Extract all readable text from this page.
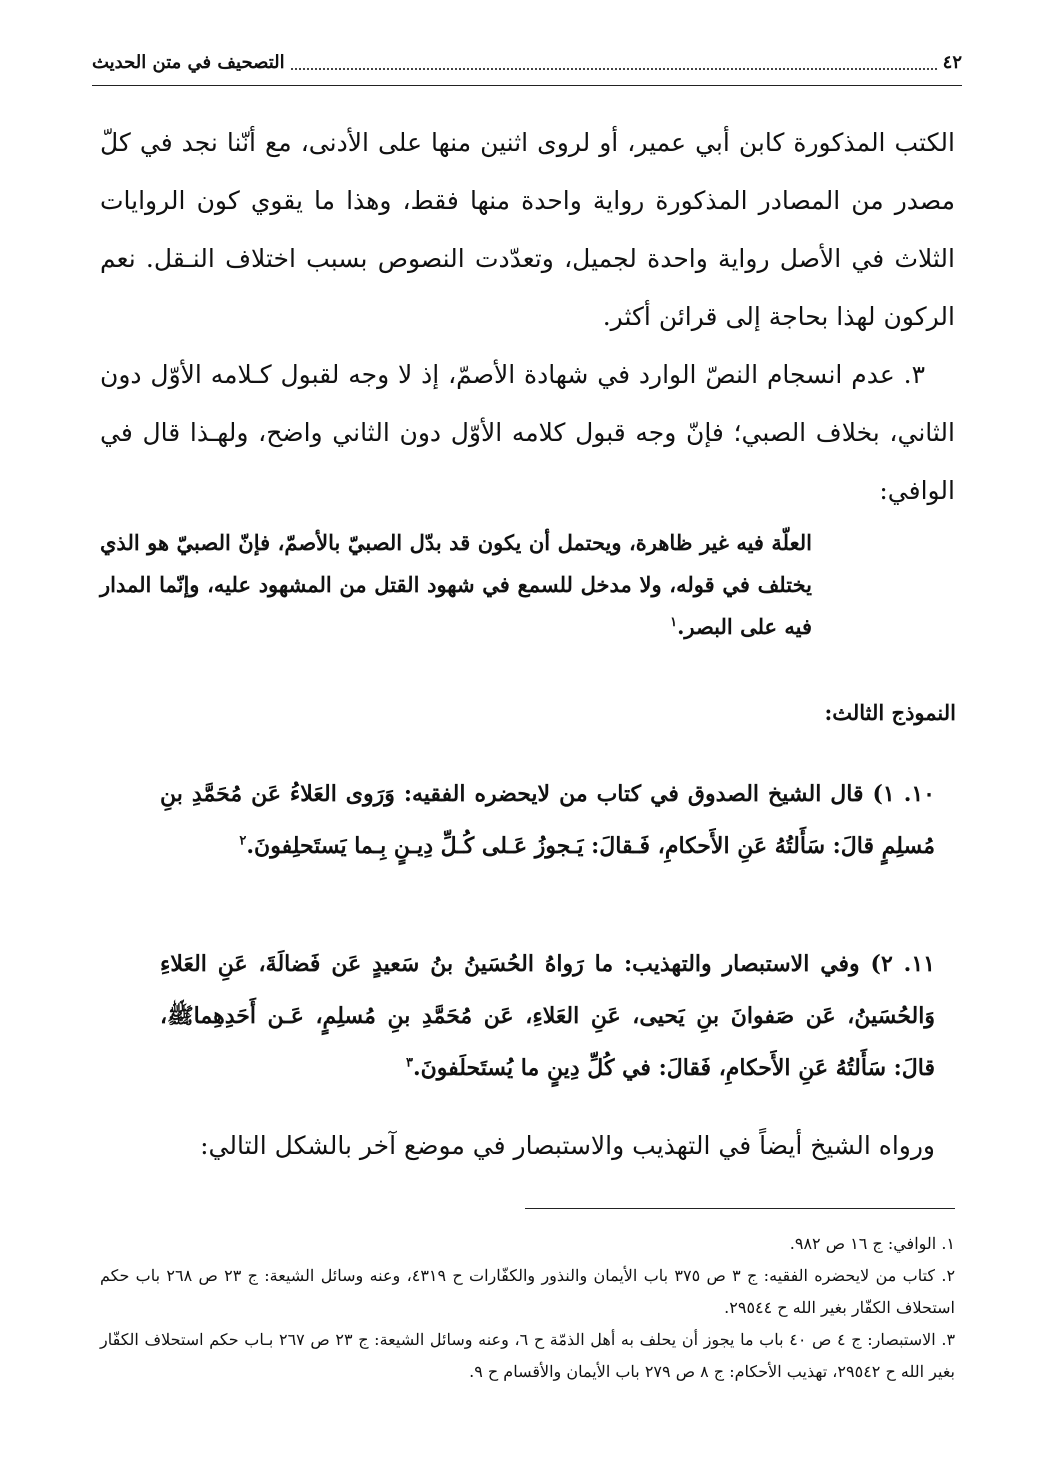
٤٢
التصحيف في متن الحديث

الكتب المذكورة كابن أبي عمير، أو لروى اثنين منها على الأدنى، مع أنّنا نجد في كلّ مصدر من المصادر المذكورة رواية واحدة منها فقط، وهذا ما يقوي كون الروايات الثلاث في الأصل رواية واحدة لجميل، وتعدّدت النصوص بسبب اختلاف النـقل. نعم الركون لهذا بحاجة إلى قرائن أكثر.

٣. عدم انسجام النصّ الوارد في شهادة الأصمّ، إذ لا وجه لقبول كـلامه الأوّل دون الثاني، بخلاف الصبي؛ فإنّ وجه قبول كلامه الأوّل دون الثاني واضح، ولهـذا قال في الوافي:

العلّة فيه غير ظاهرة، ويحتمل أن يكون قد بدّل الصبيّ بالأصمّ، فإنّ الصبيّ هو الذي يختلف في قوله، ولا مدخل للسمع في شهود القتل من المشهود عليه، وإنّما المدار فيه على البصر.$^١$
النموذج الثالث:
١٠. ١) قال الشيخ الصدوق في كتاب من لايحضره الفقيه: وَرَوى العَلاءُ عَن مُحَمَّدِ بنِ مُسلِمٍ قالَ: سَأَلتُهُ عَنِ الأَحكامِ، فَـقالَ: يَـجوزُ عَـلى كُـلِّ دِيـنٍ بِـما يَستَحلِفونَ.$^٢$
١١. ٢) وفي الاستبصار والتهذيب: ما رَواهُ الحُسَينُ بنُ سَعيدٍ عَن فَضالَةَ، عَنِ العَلاءِ وَالحُسَينُ، عَن صَفوانَ بنِ يَحيى، عَنِ العَلاءِ، عَن مُحَمَّدِ بنِ مُسلِمٍ، عَـن أَحَدِهِماﷺ، قالَ: سَأَلتُهُ عَنِ الأَحكامِ، فَقالَ: في كُلِّ دِينٍ ما يُستَحلَفونَ.$^٣$
ورواه الشيخ أيضاً في التهذيب والاستبصار في موضع آخر بالشكل التالي:

١. الوافي: ج ١٦ ص ٩٨٢.

٢. كتاب من لايحضره الفقيه: ج ٣ ص ٣٧٥ باب الأيمان والنذور والكفّارات ح ٤٣١٩، وعنه وسائل الشيعة: ج ٢٣ ص ٢٦٨ باب حكم استحلاف الكفّار بغير الله ح ٢٩٥٤٤.

٣. الاستبصار: ج ٤ ص ٤٠ باب ما يجوز أن يحلف به أهل الذمّة ح ٦، وعنه وسائل الشيعة: ج ٢٣ ص ٢٦٧ بـاب حكم استحلاف الكفّار بغير الله ح ٢٩٥٤٢، تهذيب الأحكام: ج ٨ ص ٢٧٩ باب الأيمان والأقسام ح ٩.
